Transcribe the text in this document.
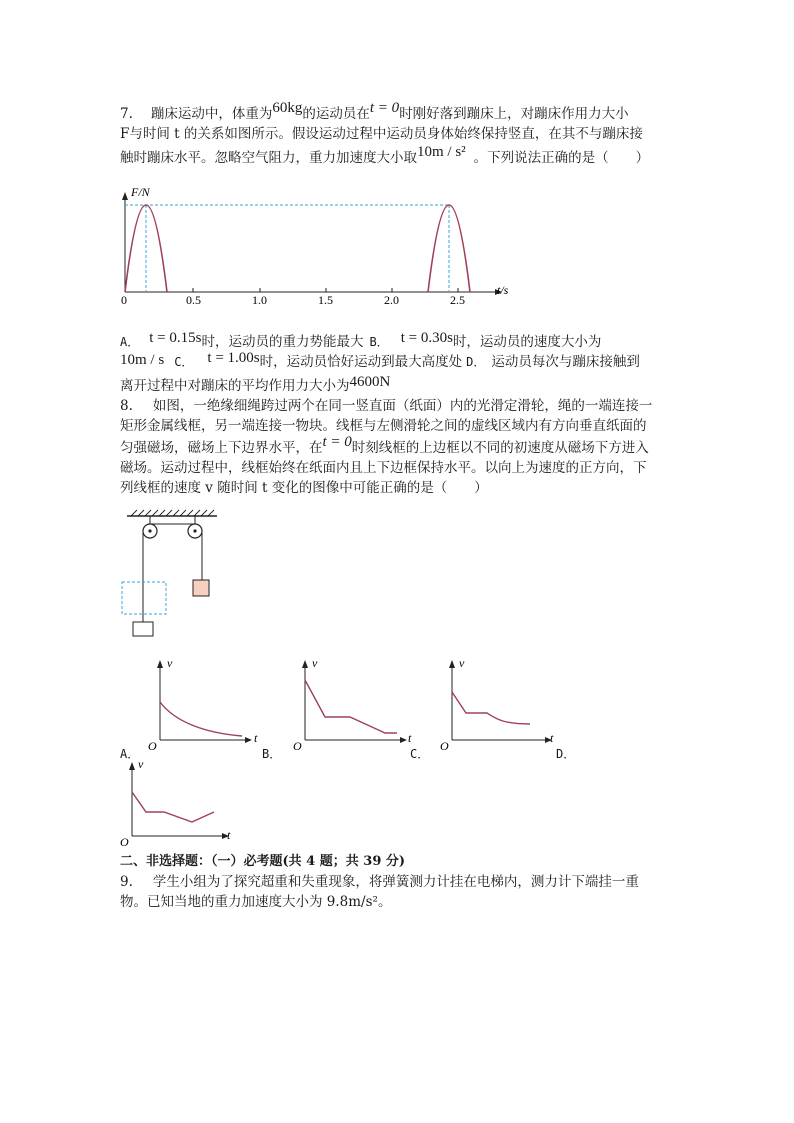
7. 蹦床运动中，体重为60kg的运动员在t = 0时刚好落到蹦床上，对蹦床作用力大小
F与时间 t 的关系如图所示。假设运动过程中运动员身体始终保持竖直，在其不与蹦床接
触时蹦床水平。忽略空气阻力，重力加速度大小取10m / s² 。下列说法正确的是（　　）
F/N
t/s
0	0.5	1.0	1.5	2.0	2.5
A． t = 0.15s时，运动员的重力势能最大 B． t = 0.30s时，运动员的速度大小为
10m / s C． t = 1.00s时，运动员恰好运动到最大高度处 D． 运动员每次与蹦床接触到
离开过程中对蹦床的平均作用力大小为4600N
8. 如图，一绝缘细绳跨过两个在同一竖直面（纸面）内的光滑定滑轮，绳的一端连接一
矩形金属线框，另一端连接一物块。线框与左侧滑轮之间的虚线区域内有方向垂直纸面的
匀强磁场，磁场上下边界水平，在t = 0时刻线框的上边框以不同的初速度从磁场下方进入
磁场。运动过程中，线框始终在纸面内且上下边框保持水平。以向上为速度的正方向，下
列线框的速度 v 随时间 t 变化的图像中可能正确的是（　　）
v
t
O
A．
v
t
O
B．
v
t
O
C．	D．
v
t
O
二、非选择题：（一）必考题(共 4 题；共 39 分)
9. 学生小组为了探究超重和失重现象，将弹簧测力计挂在电梯内，测力计下端挂一重
物。已知当地的重力加速度大小为 9.8m/s²。
